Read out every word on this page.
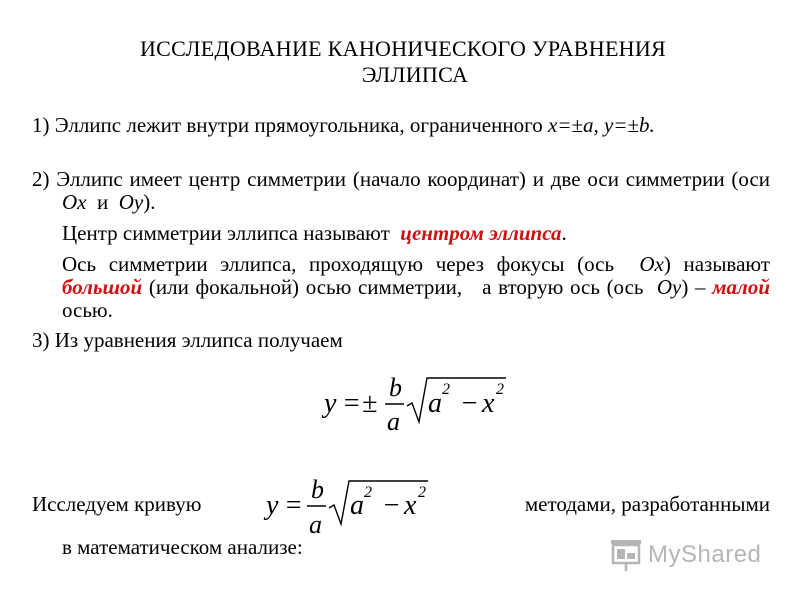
ИССЛЕДОВАНИЕ КАНОНИЧЕСКОГО УРАВНЕНИЯ
ЭЛЛИПСА
1) Эллипс лежит внутри прямоугольника, ограниченного x=±a, y=±b.
2) Эллипс имеет центр симметрии (начало координат) и две оси симметрии (оси Ox  и  Oy).
Центр симметрии эллипса называют  центром эллипса.
Ось симметрии эллипса, проходящую через фокусы (ось  Ox) называют большой (или фокальной) осью симметрии,   а вторую ось (ось  Oy) – малой осью.
3) Из уравнения эллипса получаем
y = ±
b
a
a 2 − x 2
Исследуем кривую	y =
b
a
a 2 − x 2	методами, разработанными
в математическом анализе:	MyShared
